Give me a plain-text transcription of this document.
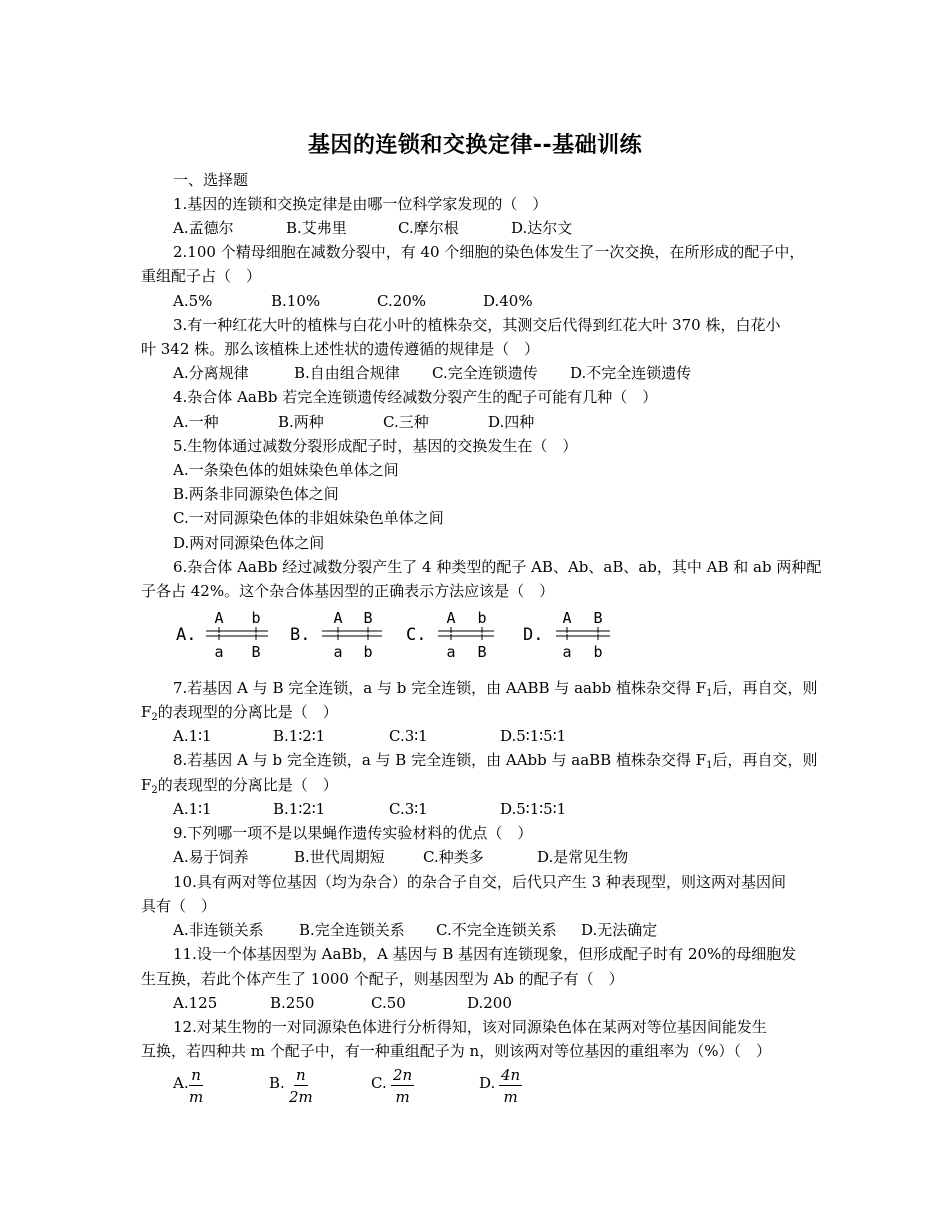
基因的连锁和交换定律--基础训练
一、选择题
1.基因的连锁和交换定律是由哪一位科学家发现的（　）
A.孟德尔	B.艾弗里	C.摩尔根	D.达尔文
2.100 个精母细胞在减数分裂中，有 40 个细胞的染色体发生了一次交换，在所形成的配子中，
重组配子占（　）
A.5%	B.10%	C.20%	D.40%
3.有一种红花大叶的植株与白花小叶的植株杂交，其测交后代得到红花大叶 370 株，白花小
叶 342 株。那么该植株上述性状的遗传遵循的规律是（　）
A.分离规律	B.自由组合规律 C.完全连锁遗传 D.不完全连锁遗传
4.杂合体 AaBb 若完全连锁遗传经减数分裂产生的配子可能有几种（　）
A.一种	B.两种	C.三种	D.四种
5.生物体通过减数分裂形成配子时，基因的交换发生在（　）
A.一条染色体的姐妹染色单体之间
B.两条非同源染色体之间
C.一对同源染色体的非姐妹染色单体之间
D.两对同源染色体之间
6.杂合体 AaBb 经过减数分裂产生了 4 种类型的配子 AB、Ab、aB、ab，其中 AB 和 ab 两种配
子各占 42%。这个杂合体基因型的正确表示方法应该是（　）
A.
A b
a B
B.
A B
a b
C.
A b
a B
D.
A B
a b
7.若基因 A 与 B 完全连锁，a 与 b 完全连锁，由 AABB 与 aabb 植株杂交得 $F_1$后，再自交，则
$F_2$的表现型的分离比是（　）
A.1∶1	B.1∶2∶1	C.3∶1	D.5∶1∶5∶1
8.若基因 A 与 b 完全连锁，a 与 B 完全连锁，由 AAbb 与 aaBB 植株杂交得 $F_1$后，再自交，则
$F_2$的表现型的分离比是（　）
A.1∶1	B.1∶2∶1	C.3∶1	D.5∶1∶5∶1
9.下列哪一项不是以果蝇作遗传实验材料的优点（　）
A.易于饲养	B.世代周期短	C.种类多	D.是常见生物
10.具有两对等位基因（均为杂合）的杂合子自交，后代只产生 3 种表现型，则这两对基因间
具有（　）
A.非连锁关系 B.完全连锁关系 C.不完全连锁关系 D.无法确定
11.设一个体基因型为 AaBb，A 基因与 B 基因有连锁现象，但形成配子时有 20%的母细胞发
生互换，若此个体产生了 1000 个配子，则基因型为 Ab 的配子有（　）
A.125	B.250	C.50	D.200
12.对某生物的一对同源染色体进行分析得知，该对同源染色体在某两对等位基因间能发生
互换，若四种共 m 个配子中，有一种重组配子为 n，则该两对等位基因的重组率为（%）（　）
A. $\frac{n}{m}$	B. $\frac{n}{2m}$	C. $\frac{2n}{m}$	D. $\frac{4n}{m}$
